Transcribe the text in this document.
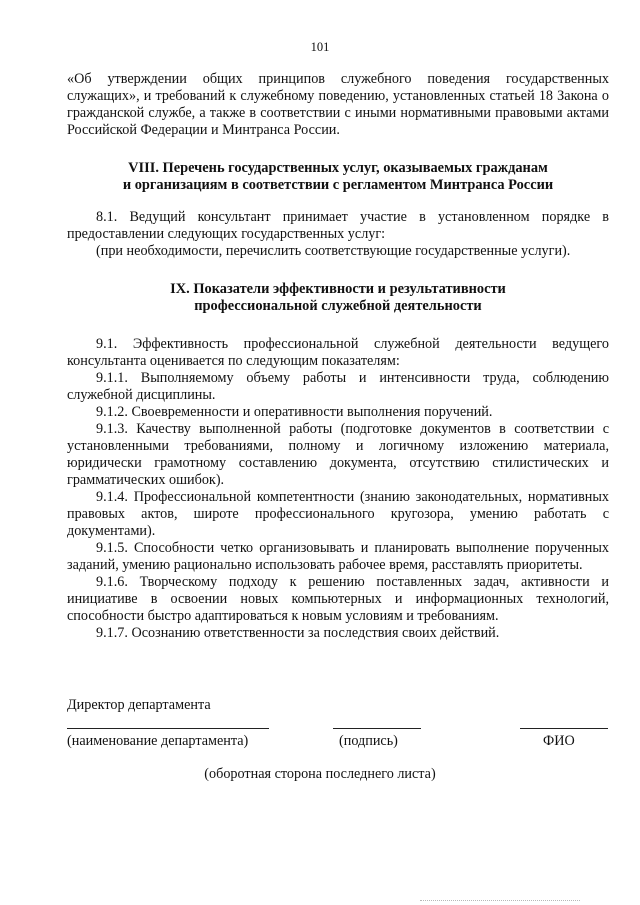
101

«Об утверждении общих принципов служебного поведения государственных служащих», и требований к служебному поведению, установленных статьей 18 Закона о гражданской службе, а также в соответствии с иными нормативными правовыми актами Российской Федерации и Минтранса России.

VIII. Перечень государственных услуг, оказываемых гражданам
и организациям в соответствии с регламентом Минтранса России

8.1. Ведущий консультант принимает участие в установленном порядке в предоставлении следующих государственных услуг:

(при необходимости, перечислить соответствующие государственные услуги).

IX. Показатели эффективности и результативности
профессиональной служебной деятельности

9.1. Эффективность профессиональной служебной деятельности ведущего консультанта оценивается по следующим показателям:

9.1.1. Выполняемому объему работы и интенсивности труда, соблюдению служебной дисциплины.

9.1.2. Своевременности и оперативности выполнения поручений.

9.1.3. Качеству выполненной работы (подготовке документов в соответствии с установленными требованиями, полному и логичному изложению материала, юридически грамотному составлению документа, отсутствию стилистических и грамматических ошибок).

9.1.4. Профессиональной компетентности (знанию законодательных, нормативных правовых актов, широте профессионального кругозора, умению работать с документами).

9.1.5. Способности четко организовывать и планировать выполнение порученных заданий, умению рационально использовать рабочее время, расставлять приоритеты.

9.1.6. Творческому подходу к решению поставленных задач, активности и инициативе в освоении новых компьютерных и информационных технологий, способности быстро адаптироваться к новым условиям и требованиям.

9.1.7. Осознанию ответственности за последствия своих действий.

Директор департамента
(наименование департамента)	(подпись)	ФИО
(оборотная сторона последнего листа)
